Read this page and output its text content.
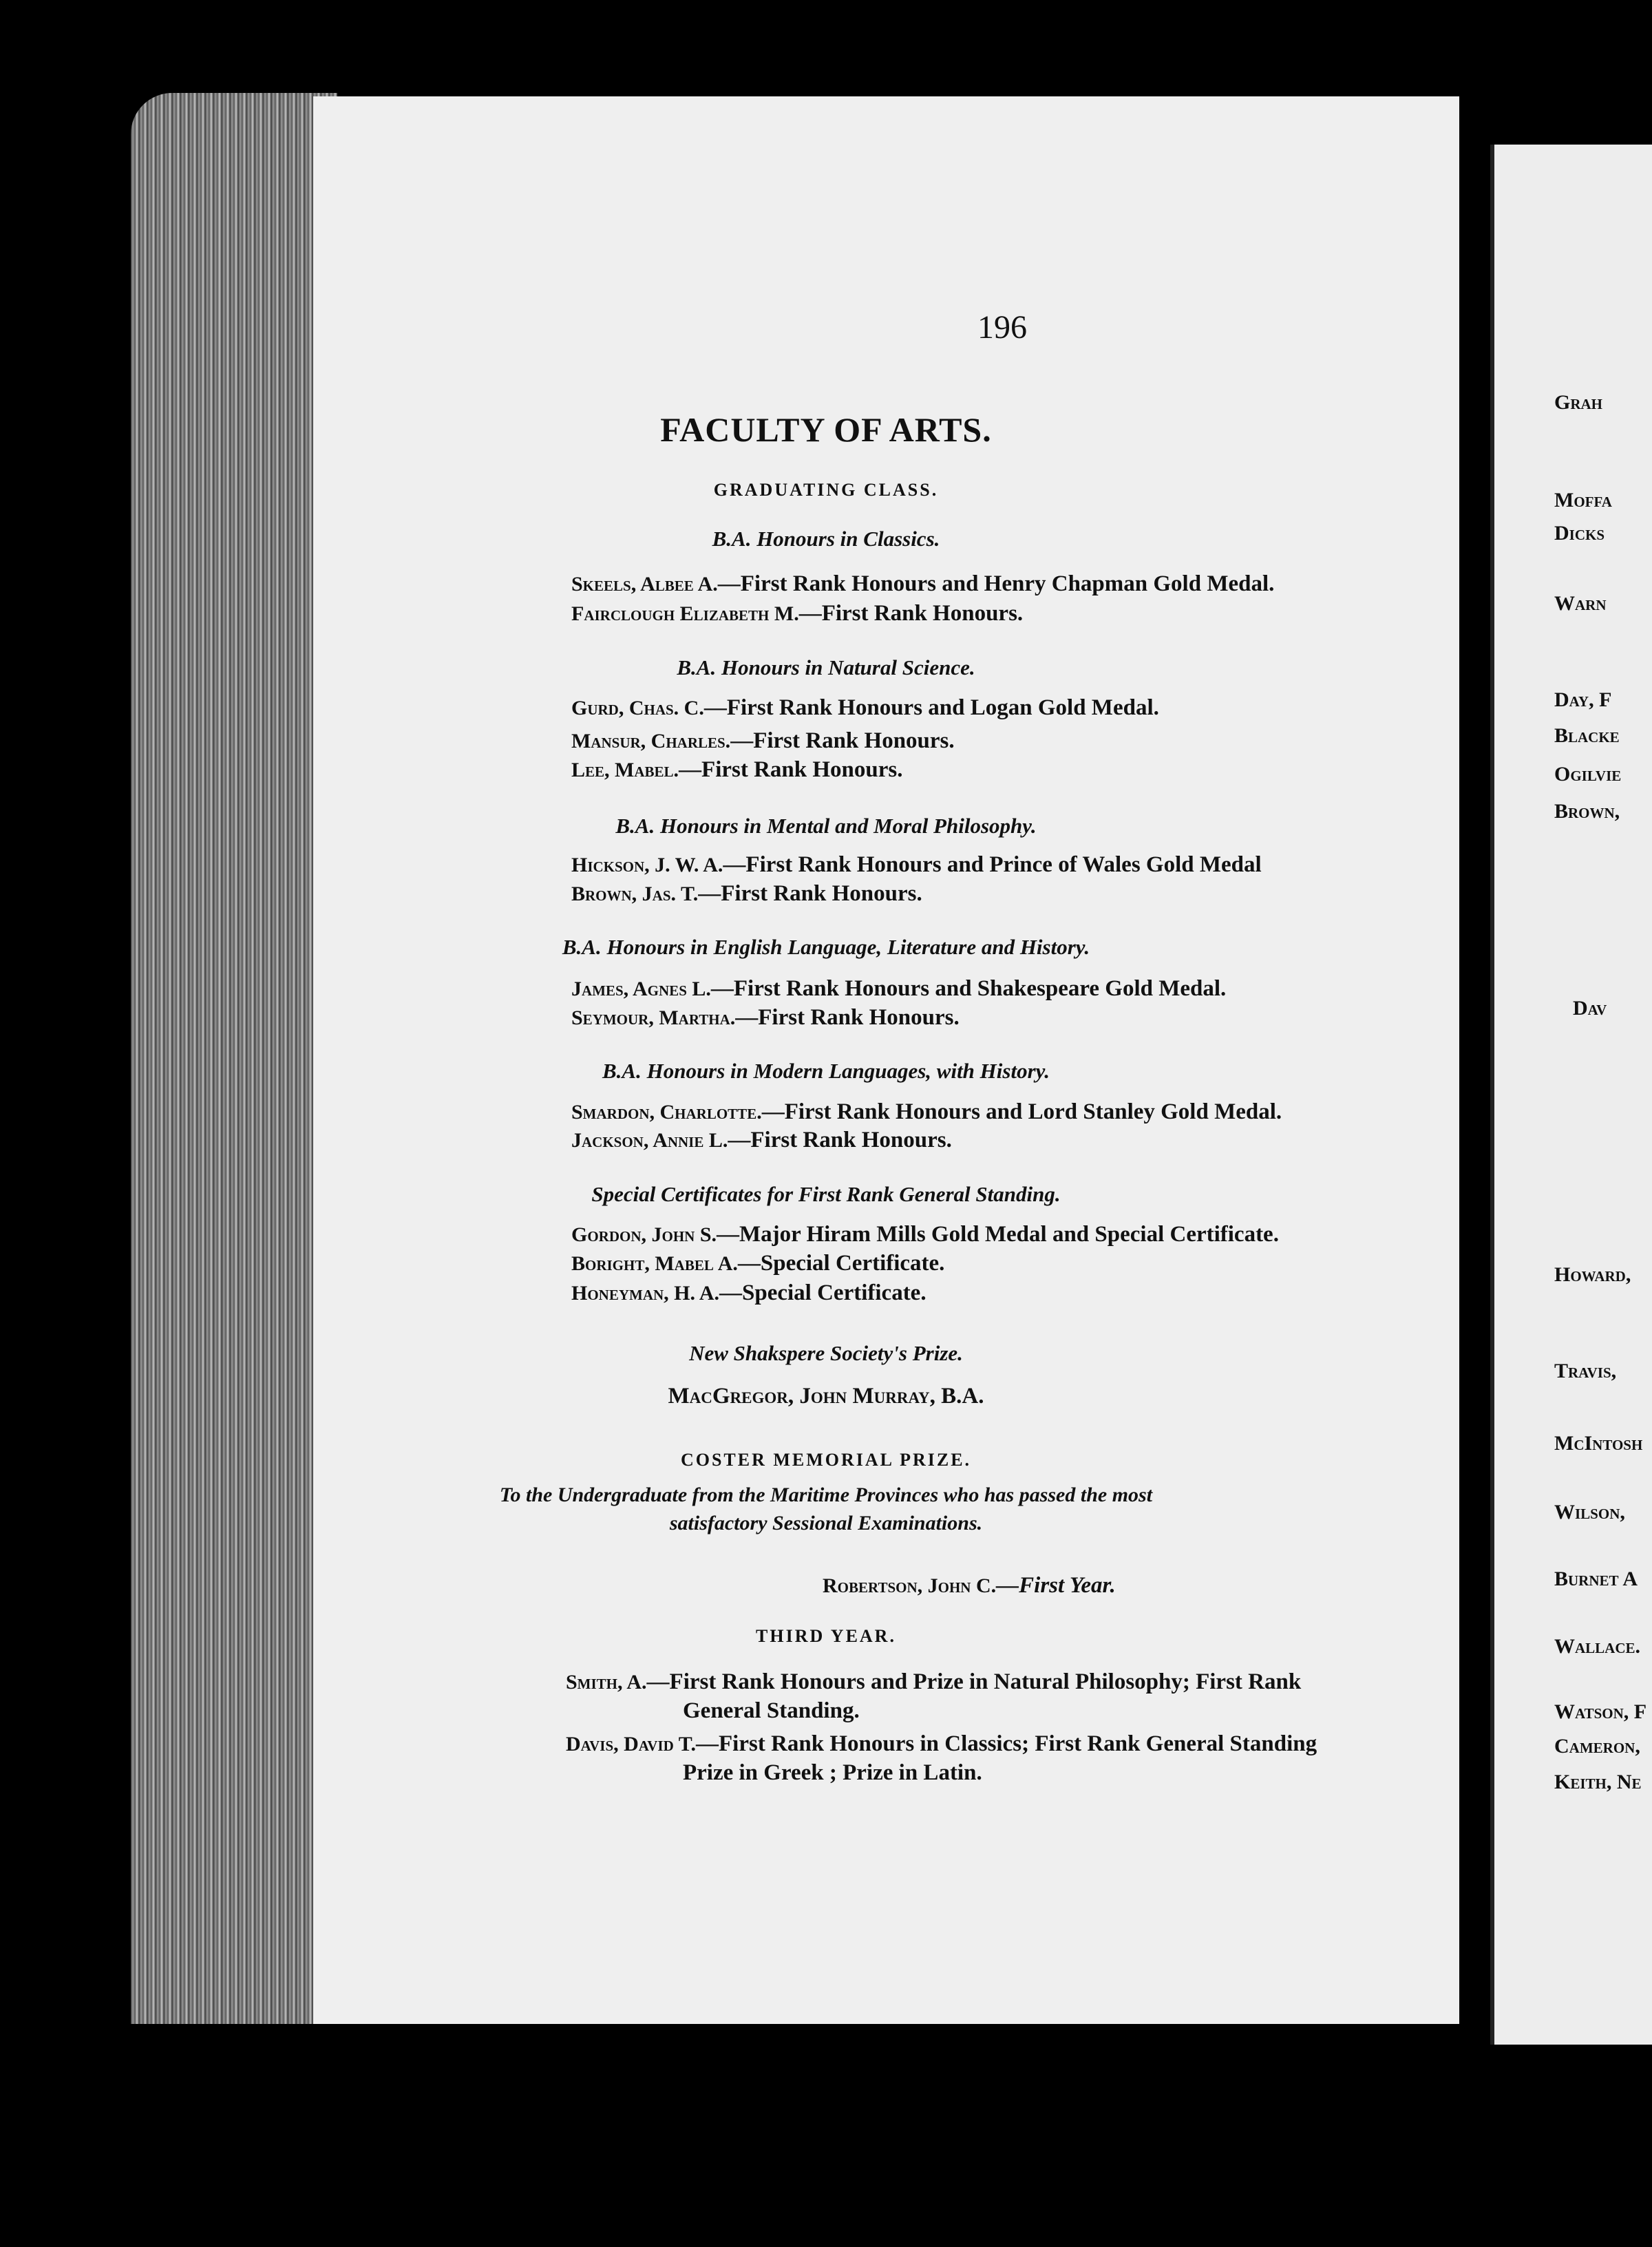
196
FACULTY OF ARTS.
GRADUATING CLASS.
B.A. Honours in Classics.
Skeels, Albee A.—First Rank Honours and Henry Chapman Gold Medal.
Fairclough Elizabeth M.—First Rank Honours.
B.A. Honours in Natural Science.
Gurd, Chas. C.—First Rank Honours and Logan Gold Medal.
Mansur, Charles.—First Rank Honours.
Lee, Mabel.—First Rank Honours.
B.A. Honours in Mental and Moral Philosophy.
Hickson, J. W. A.—First Rank Honours and Prince of Wales Gold Medal
Brown, Jas. T.—First Rank Honours.
B.A. Honours in English Language, Literature and History.
James, Agnes L.—First Rank Honours and Shakespeare Gold Medal.
Seymour, Martha.—First Rank Honours.
B.A. Honours in Modern Languages, with History.
Smardon, Charlotte.—First Rank Honours and Lord Stanley Gold Medal.
Jackson, Annie L.—First Rank Honours.
Special Certificates for First Rank General Standing.
Gordon, John S.—Major Hiram Mills Gold Medal and Special Certificate.
Boright, Mabel A.—Special Certificate.
Honeyman, H. A.—Special Certificate.
New Shakspere Society's Prize.
MacGregor, John Murray, B.A.
COSTER MEMORIAL PRIZE.
To the Undergraduate from the Maritime Provinces who has passed the most
satisfactory Sessional Examinations.
Robertson, John C.—First Year.
THIRD YEAR.
Smith, A.—First Rank Honours and Prize in Natural Philosophy; First Rank
General Standing.
Davis, David T.—First Rank Honours in Classics; First Rank General Standing
Prize in Greek ; Prize in Latin.
Grah
Moffa
Dicks
Warn
Day, F
Blacke
Ogilvie
Brown,
Dav
Howard,
Travis,
McIntosh
Wilson,
Burnet A
Wallace.
Watson, F
Cameron,
Keith, Ne
